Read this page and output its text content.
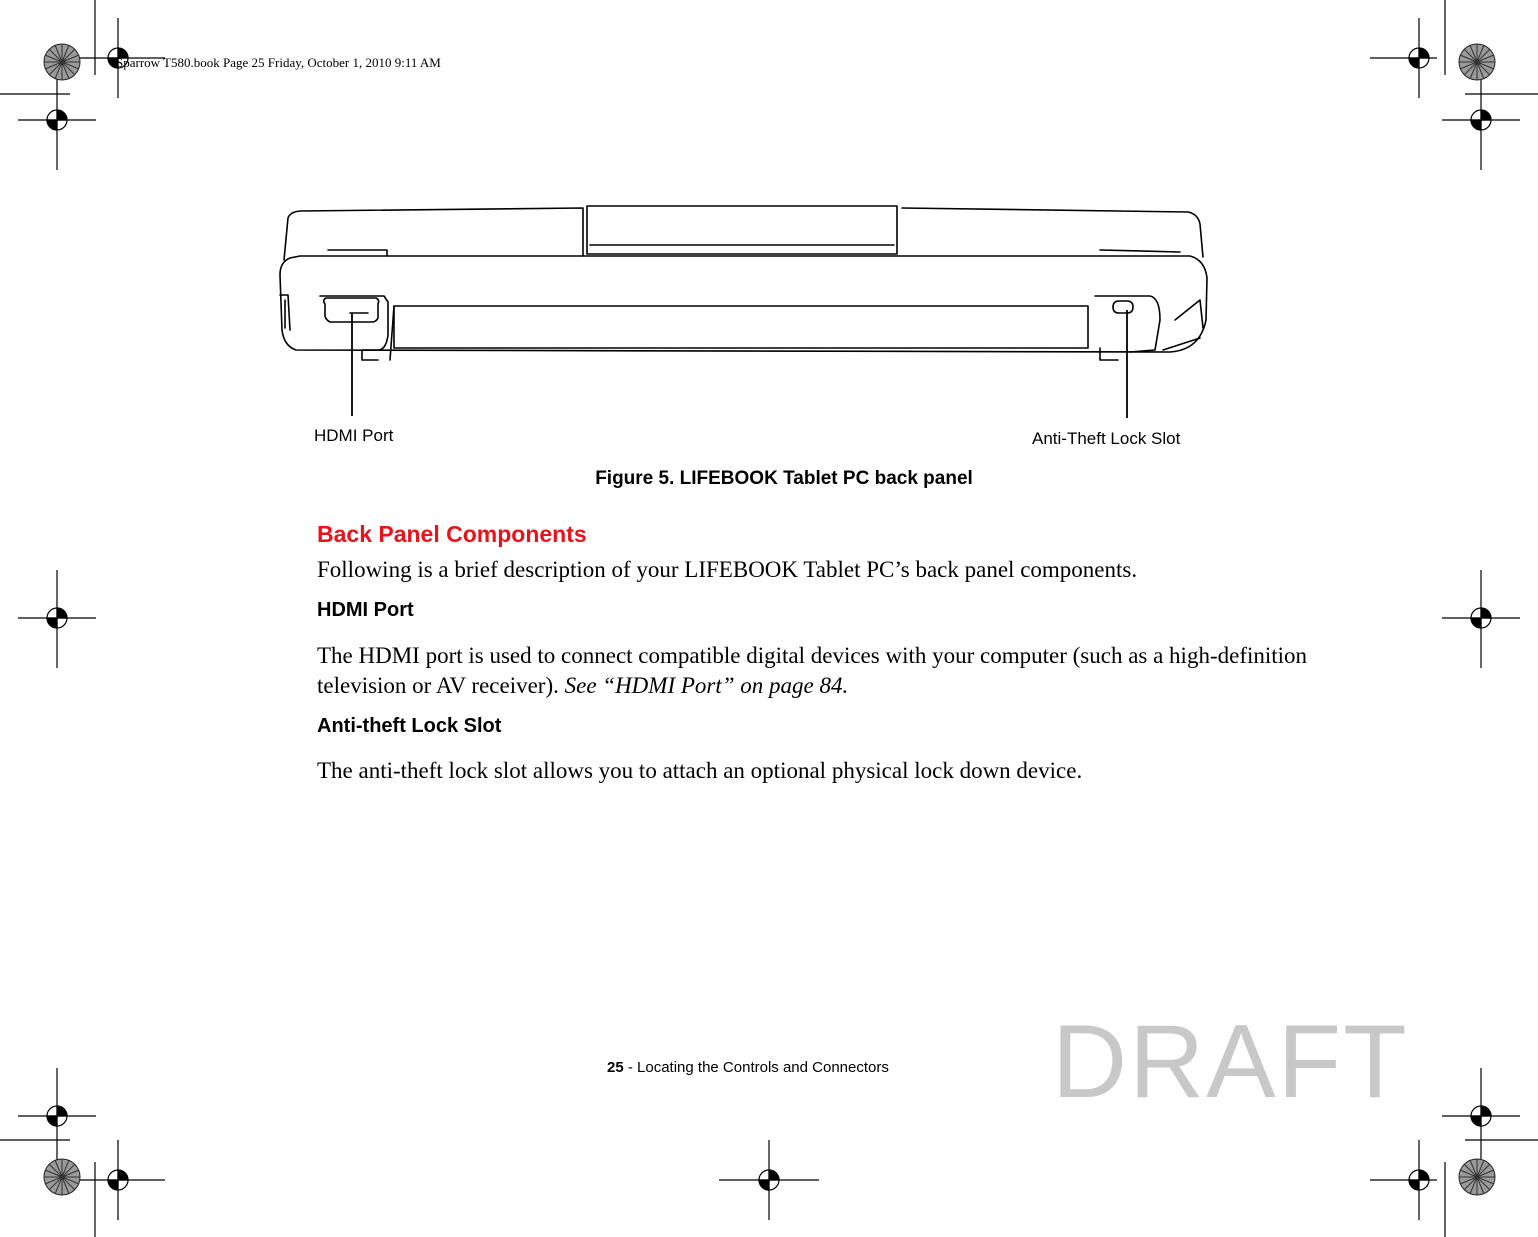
Sparrow T580.book Page 25 Friday, October 1, 2010 9:11 AM
HDMI Port	Anti-Theft Lock Slot
Figure 5. LIFEBOOK Tablet PC back panel
Back Panel Components
Following is a brief description of your LIFEBOOK Tablet PC’s back panel components.
HDMI Port
The HDMI port is used to connect compatible digital devices with your computer (such as a high-definition television or AV receiver). See “HDMI Port” on page 84.
Anti-theft Lock Slot
The anti-theft lock slot allows you to attach an optional physical lock down device.
25 - Locating the Controls and Connectors DRAFT
